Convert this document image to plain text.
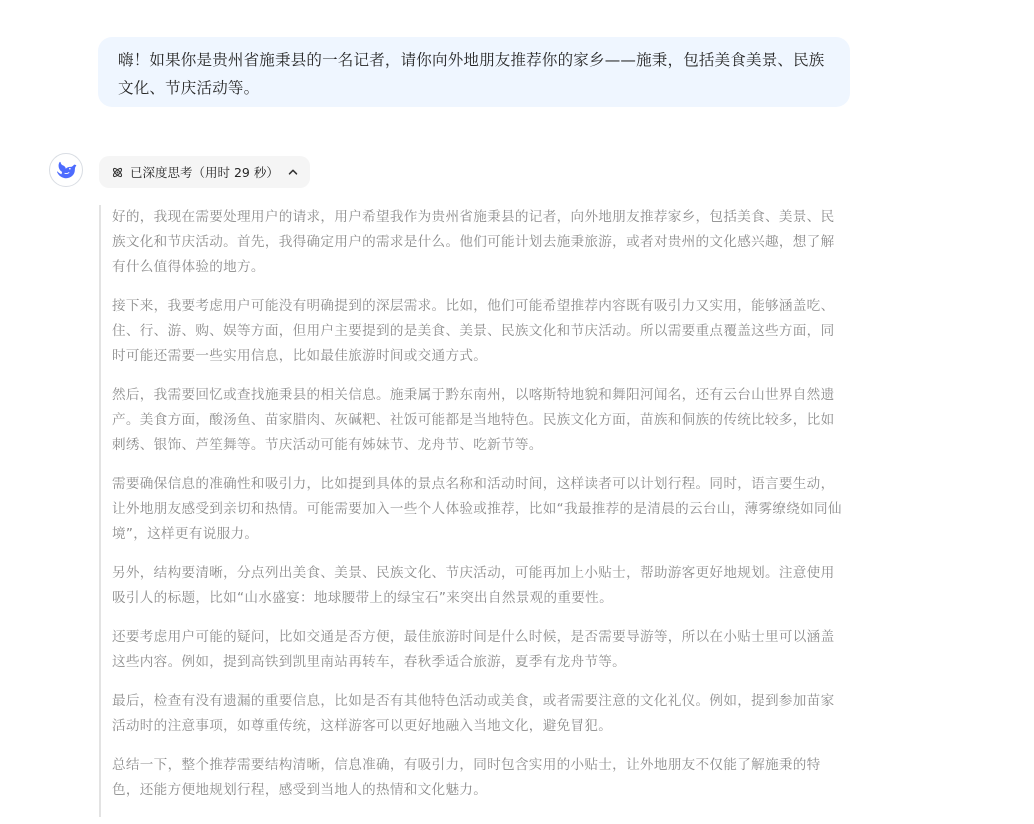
嗨！如果你是贵州省施秉县的一名记者，请你向外地朋友推荐你的家乡——施秉，包括美食美景、民族文化、节庆活动等。
已深度思考（用时 29 秒）

好的，我现在需要处理用户的请求，用户希望我作为贵州省施秉县的记者，向外地朋友推荐家乡，包括美食、美景、民族文化和节庆活动。首先，我得确定用户的需求是什么。他们可能计划去施秉旅游，或者对贵州的文化感兴趣，想了解有什么值得体验的地方。

接下来，我要考虑用户可能没有明确提到的深层需求。比如，他们可能希望推荐内容既有吸引力又实用，能够涵盖吃、住、行、游、购、娱等方面，但用户主要提到的是美食、美景、民族文化和节庆活动。所以需要重点覆盖这些方面，同时可能还需要一些实用信息，比如最佳旅游时间或交通方式。

然后，我需要回忆或查找施秉县的相关信息。施秉属于黔东南州，以喀斯特地貌和舞阳河闻名，还有云台山世界自然遗产。美食方面，酸汤鱼、苗家腊肉、灰碱粑、社饭可能都是当地特色。民族文化方面，苗族和侗族的传统比较多，比如刺绣、银饰、芦笙舞等。节庆活动可能有姊妹节、龙舟节、吃新节等。

需要确保信息的准确性和吸引力，比如提到具体的景点名称和活动时间，这样读者可以计划行程。同时，语言要生动，让外地朋友感受到亲切和热情。可能需要加入一些个人体验或推荐，比如“我最推荐的是清晨的云台山，薄雾缭绕如同仙境”，这样更有说服力。

另外，结构要清晰，分点列出美食、美景、民族文化、节庆活动，可能再加上小贴士，帮助游客更好地规划。注意使用吸引人的标题，比如“山水盛宴：地球腰带上的绿宝石”来突出自然景观的重要性。

还要考虑用户可能的疑问，比如交通是否方便，最佳旅游时间是什么时候，是否需要导游等，所以在小贴士里可以涵盖这些内容。例如，提到高铁到凯里南站再转车，春秋季适合旅游，夏季有龙舟节等。

最后，检查有没有遗漏的重要信息，比如是否有其他特色活动或美食，或者需要注意的文化礼仪。例如，提到参加苗家活动时的注意事项，如尊重传统，这样游客可以更好地融入当地文化，避免冒犯。

总结一下，整个推荐需要结构清晰，信息准确，有吸引力，同时包含实用的小贴士，让外地朋友不仅能了解施秉的特色，还能方便地规划行程，感受到当地人的热情和文化魅力。
